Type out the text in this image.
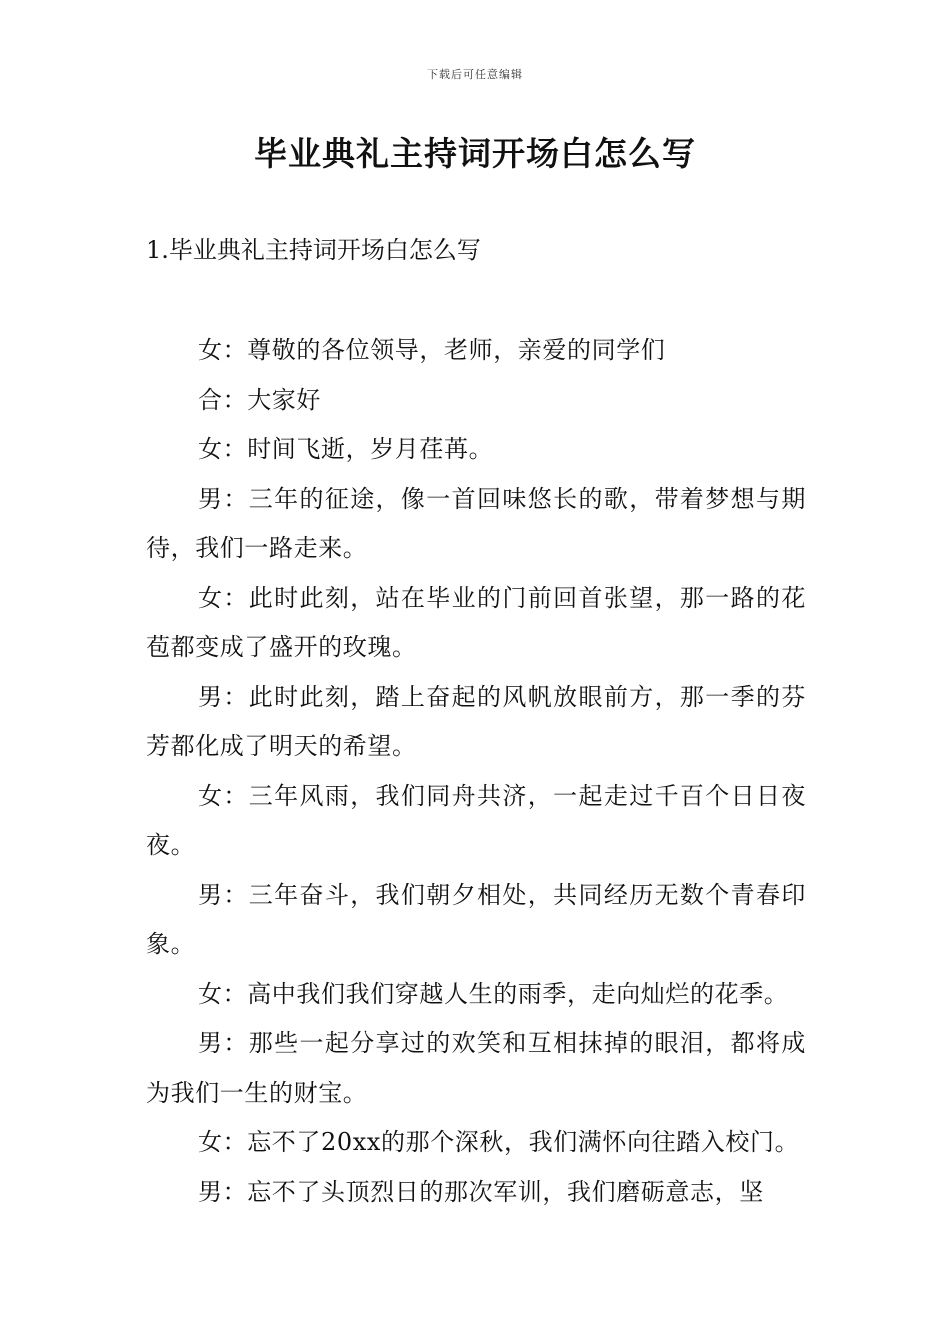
下载后可任意编辑
毕业典礼主持词开场白怎么写
1.毕业典礼主持词开场白怎么写

女：尊敬的各位领导，老师，亲爱的同学们

合：大家好

女：时间飞逝，岁月荏苒。

男：三年的征途，像一首回味悠长的歌，带着梦想与期待，我们一路走来。

女：此时此刻，站在毕业的门前回首张望，那一路的花苞都变成了盛开的玫瑰。

男：此时此刻，踏上奋起的风帆放眼前方，那一季的芬芳都化成了明天的希望。

女：三年风雨，我们同舟共济，一起走过千百个日日夜夜。

男：三年奋斗，我们朝夕相处，共同经历无数个青春印象。

女：高中我们我们穿越人生的雨季，走向灿烂的花季。

男：那些一起分享过的欢笑和互相抹掉的眼泪，都将成为我们一生的财宝。

女：忘不了20xx的那个深秋，我们满怀向往踏入校门。

男：忘不了头顶烈日的那次军训，我们磨砺意志，坚
